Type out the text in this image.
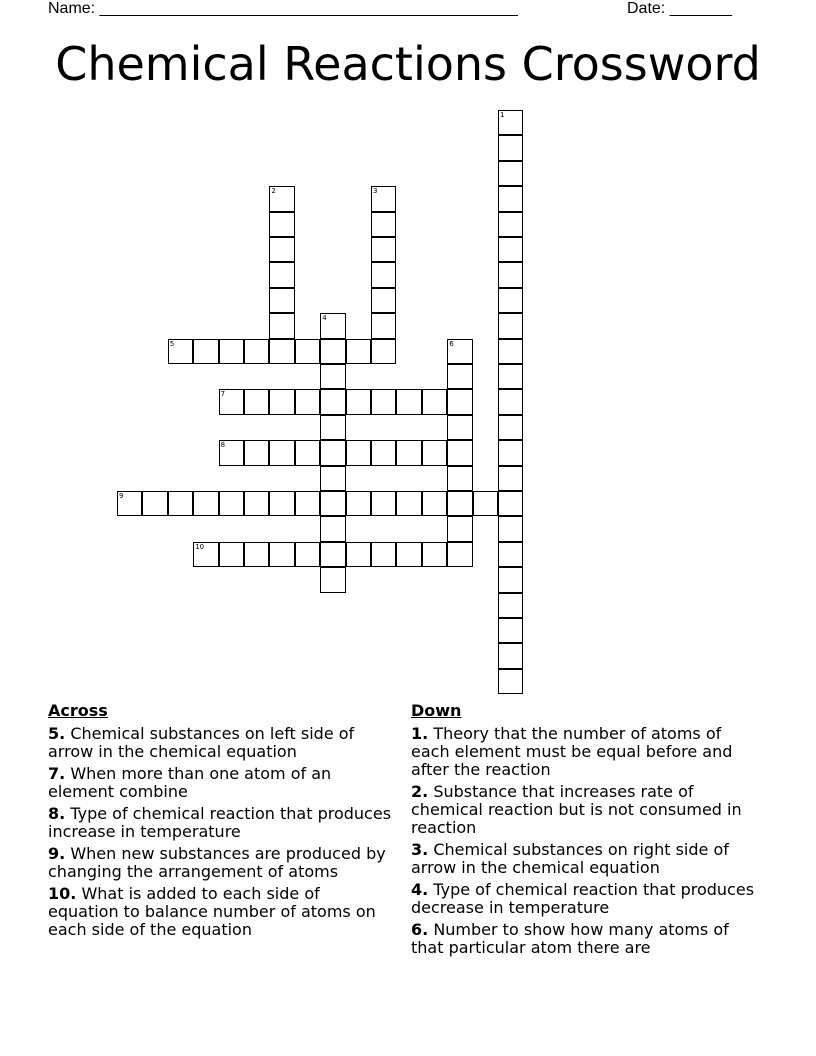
Name: _______________________________________________	Date: _______
Chemical Reactions Crossword
1
2	3
5
4
6
7
8
9
10
Across
5. Chemical substances on left side of arrow in the chemical equation
7. When more than one atom of an element combine
8. Type of chemical reaction that produces increase in temperature
9. When new substances are produced by changing the arrangement of atoms
10. What is added to each side of equation to balance number of atoms on each side of the equation
Down
1. Theory that the number of atoms of each element must be equal before and after the reaction
2. Substance that increases rate of chemical reaction but is not consumed in reaction
3. Chemical substances on right side of arrow in the chemical equation
4. Type of chemical reaction that produces decrease in temperature
6. Number to show how many atoms of that particular atom there are
